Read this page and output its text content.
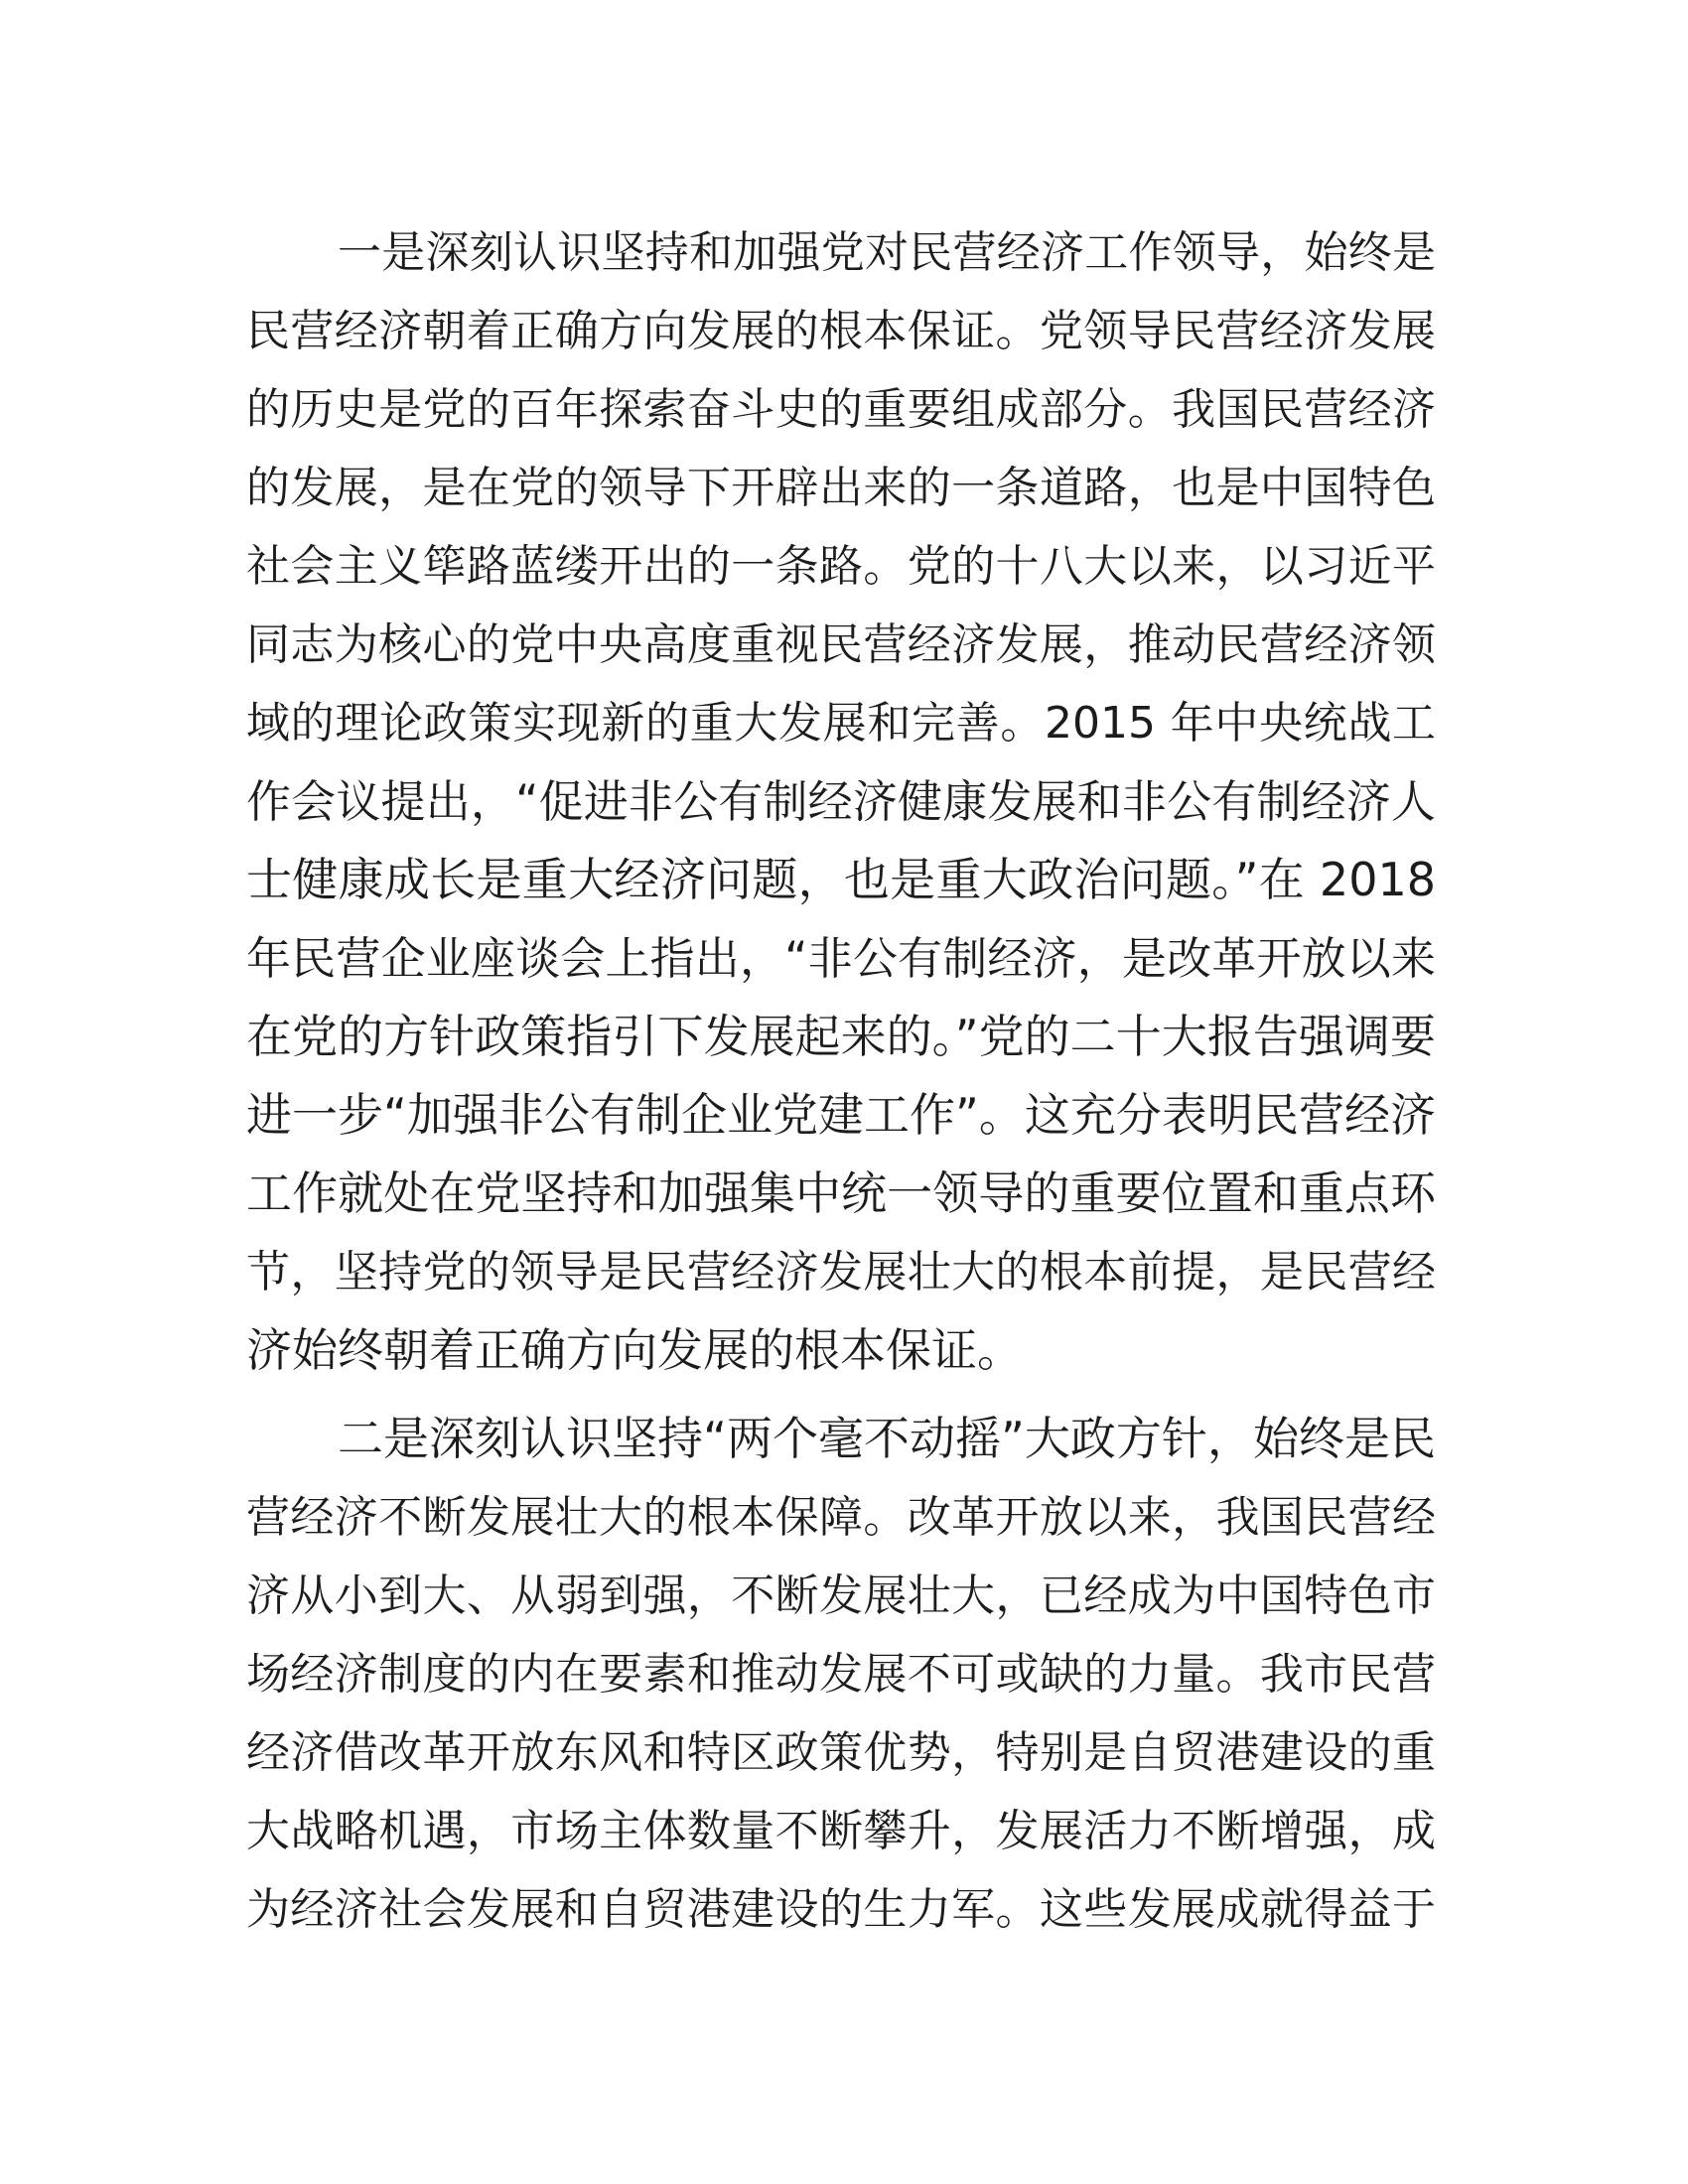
一是深刻认识坚持和加强党对民营经济工作领导，始终是
民营经济朝着正确方向发展的根本保证。党领导民营经济发展
的历史是党的百年探索奋斗史的重要组成部分。我国民营经济
的发展，是在党的领导下开辟出来的一条道路，也是中国特色
社会主义筚路蓝缕开出的一条路。党的十八大以来，以习近平
同志为核心的党中央高度重视民营经济发展，推动民营经济领
域的理论政策实现新的重大发展和完善。2015 年中央统战工
作会议提出，“促进非公有制经济健康发展和非公有制经济人
士健康成长是重大经济问题，也是重大政治问题。”在 2018
年民营企业座谈会上指出，“非公有制经济，是改革开放以来
在党的方针政策指引下发展起来的。”党的二十大报告强调要
进一步“加强非公有制企业党建工作”。这充分表明民营经济
工作就处在党坚持和加强集中统一领导的重要位置和重点环
节，坚持党的领导是民营经济发展壮大的根本前提，是民营经
济始终朝着正确方向发展的根本保证。

二是深刻认识坚持“两个毫不动摇”大政方针，始终是民
营经济不断发展壮大的根本保障。改革开放以来，我国民营经
济从小到大、从弱到强，不断发展壮大，已经成为中国特色市
场经济制度的内在要素和推动发展不可或缺的力量。我市民营
经济借改革开放东风和特区政策优势，特别是自贸港建设的重
大战略机遇，市场主体数量不断攀升，发展活力不断增强，成
为经济社会发展和自贸港建设的生力军。这些发展成就得益于
